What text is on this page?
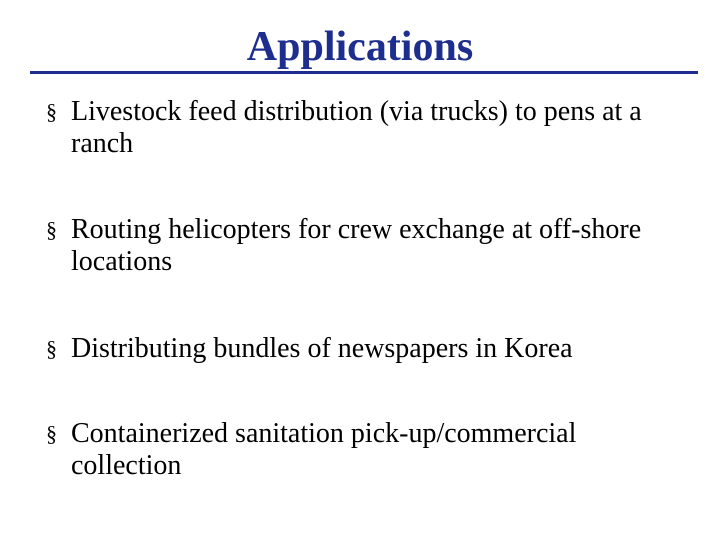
Applications
§ Livestock feed distribution (via trucks) to pens at a ranch
§ Routing helicopters for crew exchange at off-shore locations
§ Distributing bundles of newspapers in Korea
§ Containerized sanitation pick-up/commercial collection
